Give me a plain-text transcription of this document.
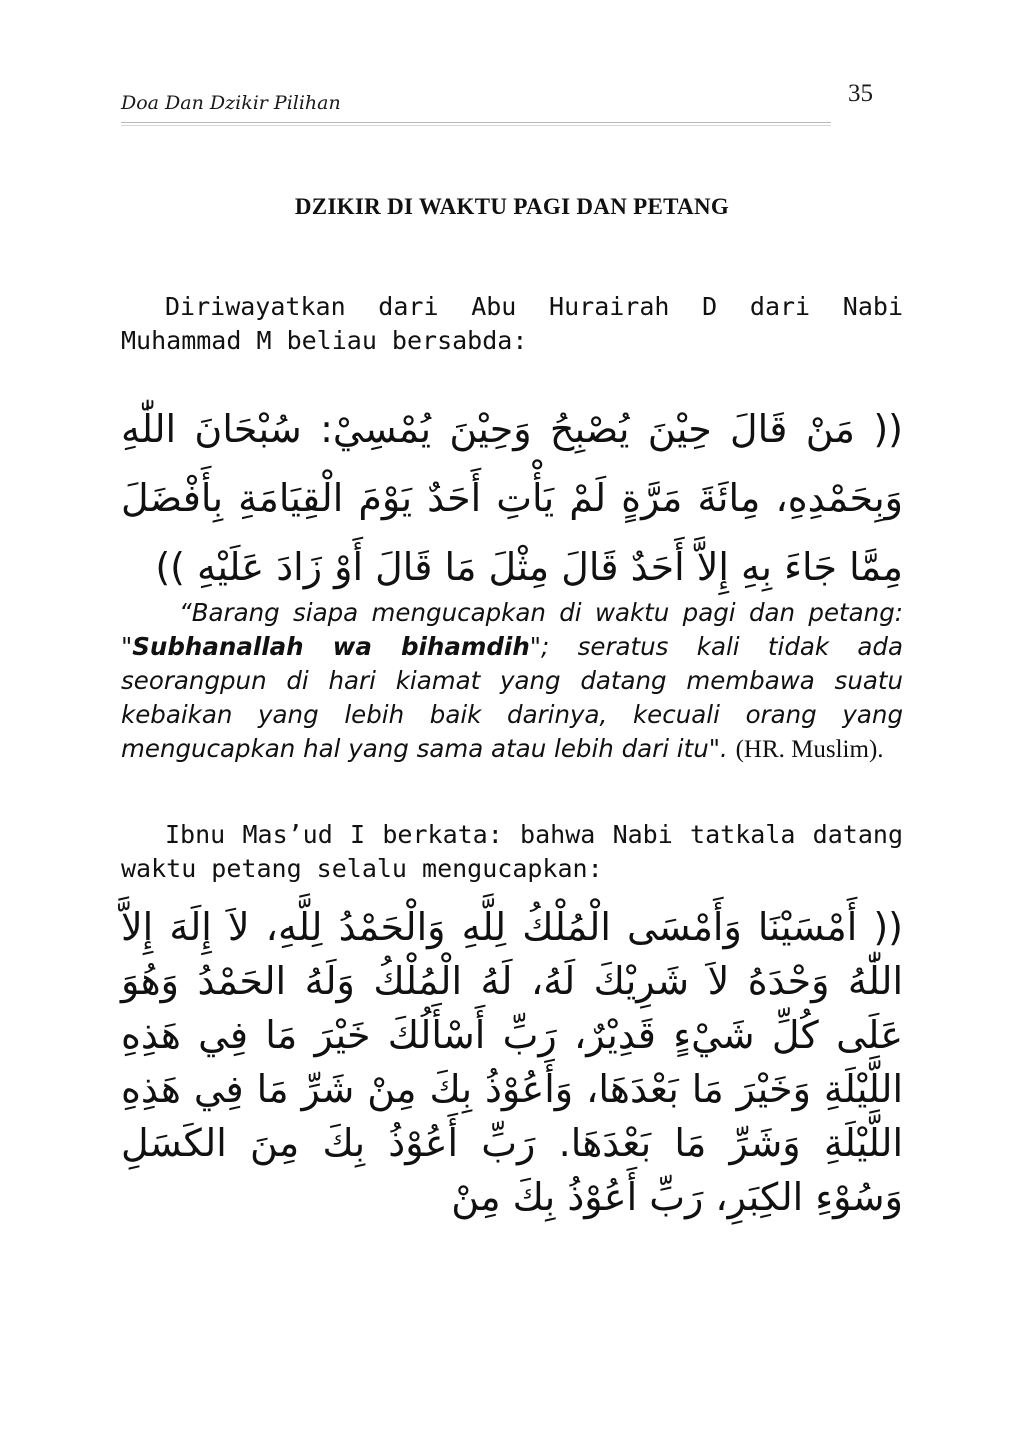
Doa Dan Dzikir Pilihan	35
DZIKIR DI WAKTU PAGI DAN PETANG

Diriwayatkan dari Abu Hurairah D dari Nabi Muhammad M beliau bersabda:

(( مَنْ قَالَ حِيْنَ يُصْبِحُ وَحِيْنَ يُمْسِيْ: سُبْحَانَ اللّٰهِ وَبِحَمْدِهِ، مِائَةَ مَرَّةٍ لَمْ يَأْتِ أَحَدٌ يَوْمَ الْقِيَامَةِ بِأَفْضَلَ مِمَّا جَاءَ بِهِ إِلاَّ أَحَدٌ قَالَ مِثْلَ مَا قَالَ أَوْ زَادَ عَلَيْهِ ))

“Barang siapa mengucapkan di waktu pagi dan petang: "Subhanallah wa bihamdih"; seratus kali tidak ada seorangpun di hari kiamat yang datang membawa suatu kebaikan yang lebih baik darinya, kecuali orang yang mengucapkan hal yang sama atau lebih dari itu". (HR. Muslim).

Ibnu Mas’ud I berkata: bahwa Nabi tatkala datang waktu petang selalu mengucapkan:

(( أَمْسَيْنَا وَأَمْسَى الْمُلْكُ لِلَّهِ وَالْحَمْدُ لِلَّهِ، لاَ إِلَهَ إِلاَّ اللّٰهُ وَحْدَهُ لاَ شَرِيْكَ لَهُ، لَهُ الْمُلْكُ وَلَهُ الحَمْدُ وَهُوَ عَلَى كُلِّ شَيْءٍ قَدِيْرٌ، رَبِّ أَسْأَلُكَ خَيْرَ مَا فِي هَذِهِ اللَّيْلَةِ وَخَيْرَ مَا بَعْدَهَا، وَأَعُوْذُ بِكَ مِنْ شَرِّ مَا فِي هَذِهِ اللَّيْلَةِ وَشَرِّ مَا بَعْدَهَا. رَبِّ أَعُوْذُ بِكَ مِنَ الكَسَلِ وَسُوْءِ الكِبَرِ، رَبِّ أَعُوْذُ بِكَ مِنْ
